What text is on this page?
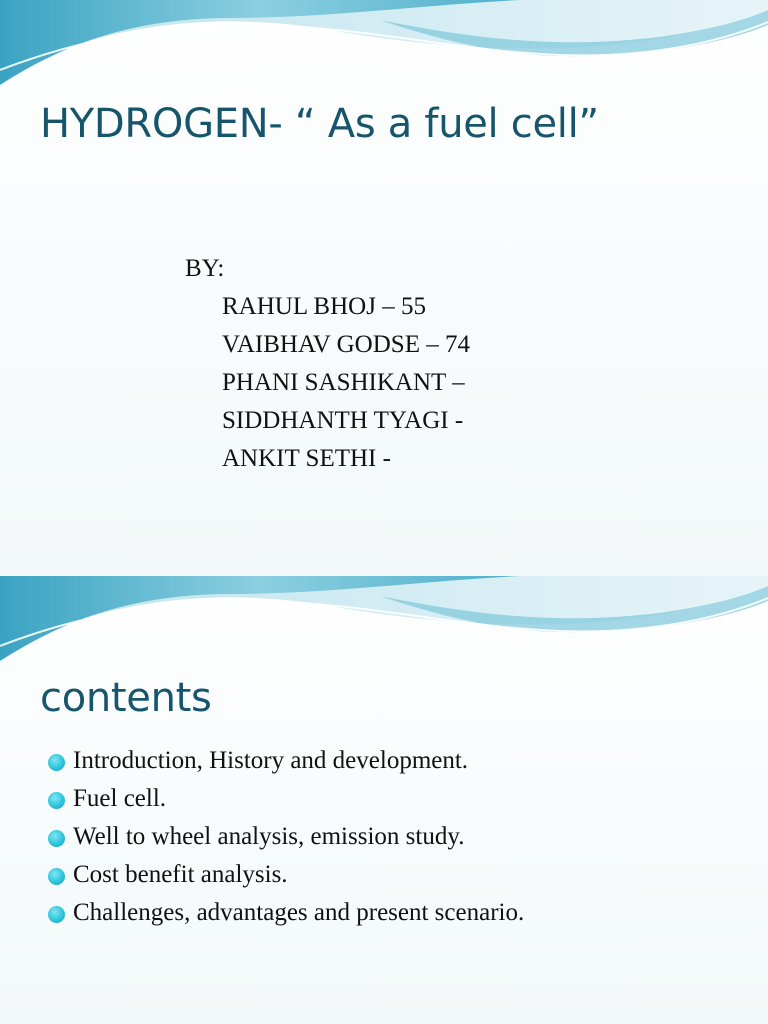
HYDROGEN- “ As a fuel cell”
BY:
RAHUL BHOJ – 55
VAIBHAV GODSE – 74
PHANI SASHIKANT –
SIDDHANTH TYAGI -
ANKIT SETHI -
contents
Introduction, History and development.
Fuel cell.
Well to wheel analysis, emission study.
Cost benefit analysis.
Challenges, advantages and present scenario.
